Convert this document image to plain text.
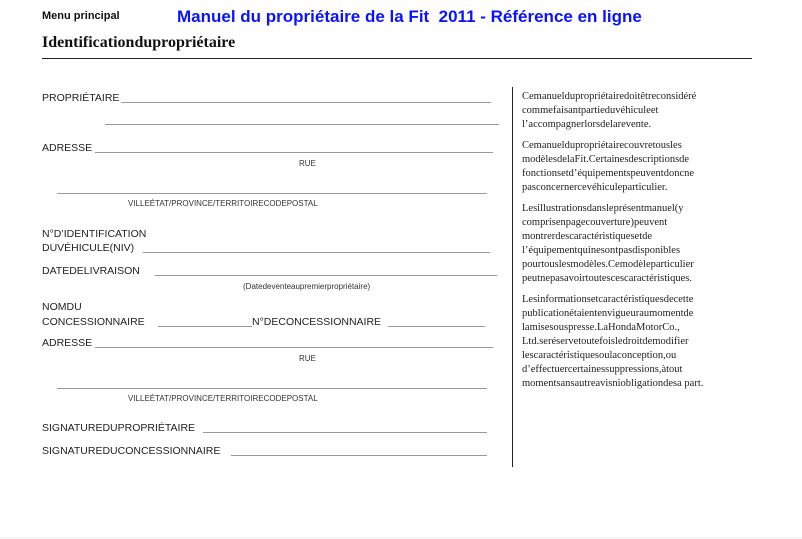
Menu principal	Manuel du propriétaire de la Fit  2011 - Référence en ligne
Identificationdupropriétaire
PROPRIÉTAIRE
ADRESSE
RUE
VILLEÉTAT/PROVINCE/TERRITOIRECODEPOSTAL
N°D’IDENTIFICATION
DUVÉHICULE(NIV)
DATEDELIVRAISON
(Datedeventeaupremierpropriétaire)
NOMDU
CONCESSIONNAIRE	N°DECONCESSIONNAIRE
ADRESSE
RUE
VILLEÉTAT/PROVINCE/TERRITOIRECODEPOSTAL
SIGNATUREDUPROPRIÉTAIRE
SIGNATUREDUCONCESSIONNAIRE

Cemanueldupropriétairedoitêtreconsidéré commefaisantpartieduvéhiculeet l’accompagnerlorsdelarevente.

Cemanueldupropriétairecouvretousles modèlesdelaFit.Certainesdescriptionsde fonctionsetd’équipementspeuventdoncne pasconcernercevéhiculeparticulier.

Lesillustrationsdansleprésentmanuel(y comprisenpagecouverture)peuvent montrerdescaractéristiquesetde l’équipementquinesontpasdisponibles pourtouslesmodèles.Cemodèleparticulier peutnepasavoirtoutescescaractéristiques.

Lesinformationsetcaractéristiquesdecette publicationétaientenvigueuraumomentde lamisesouspresse.LaHondaMotorCo., Ltd.seréservetoutefoisledroitdemodifier lescaractéristiquesoulaconception,ou d’effectuercertainessuppressions,àtout momentsansautreavisniobligationdesa part.
